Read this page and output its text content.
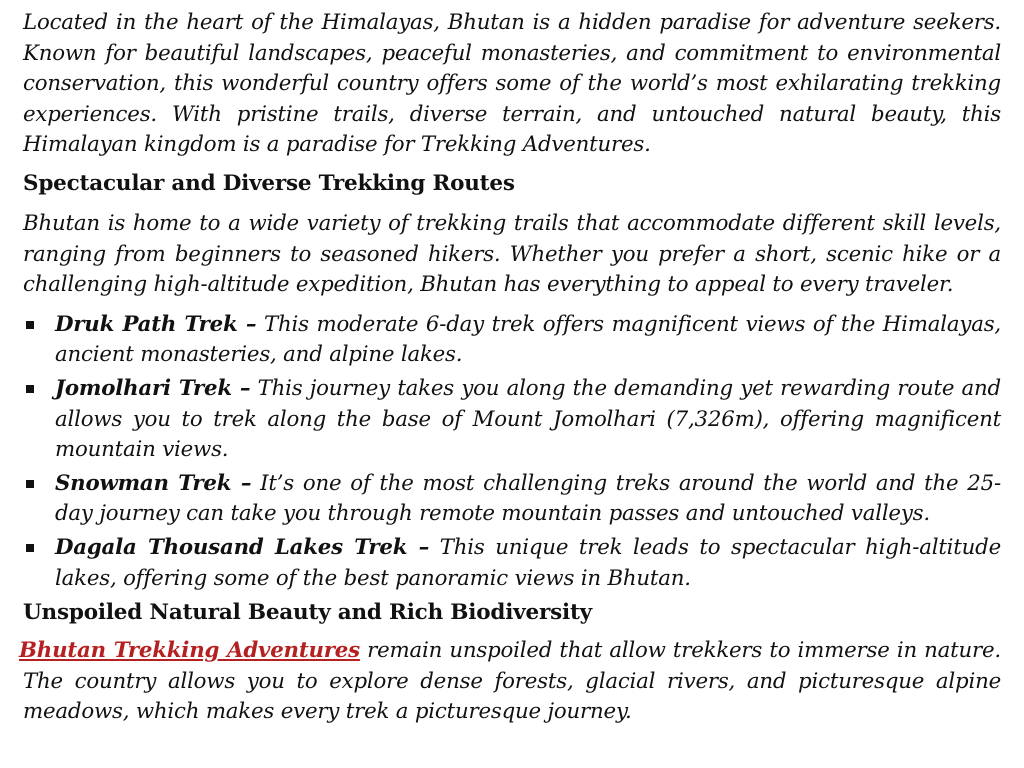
Located in the heart of the Himalayas, Bhutan is a hidden paradise for adventure seekers. Known for beautiful landscapes, peaceful monasteries, and commitment to environmental conservation, this wonderful country offers some of the world’s most exhilarating trekking experiences. With pristine trails, diverse terrain, and untouched natural beauty, this Himalayan kingdom is a paradise for Trekking Adventures.

Spectacular and Diverse Trekking Routes

Bhutan is home to a wide variety of trekking trails that accommodate different skill levels, ranging from beginners to seasoned hikers. Whether you prefer a short, scenic hike or a challenging high-altitude expedition, Bhutan has everything to appeal to every traveler.

Druk Path Trek – This moderate 6-day trek offers magnificent views of the Himalayas, ancient monasteries, and alpine lakes.
Jomolhari Trek – This journey takes you along the demanding yet rewarding route and allows you to trek along the base of Mount Jomolhari (7,326m), offering magnificent mountain views.
Snowman Trek – It’s one of the most challenging treks around the world and the 25-day journey can take you through remote mountain passes and untouched valleys.
Dagala Thousand Lakes Trek – This unique trek leads to spectacular high-altitude lakes, offering some of the best panoramic views in Bhutan.
Unspoiled Natural Beauty and Rich Biodiversity

Bhutan Trekking Adventures remain unspoiled that allow trekkers to immerse in nature. The country allows you to explore dense forests, glacial rivers, and picturesque alpine meadows, which makes every trek a picturesque journey.
